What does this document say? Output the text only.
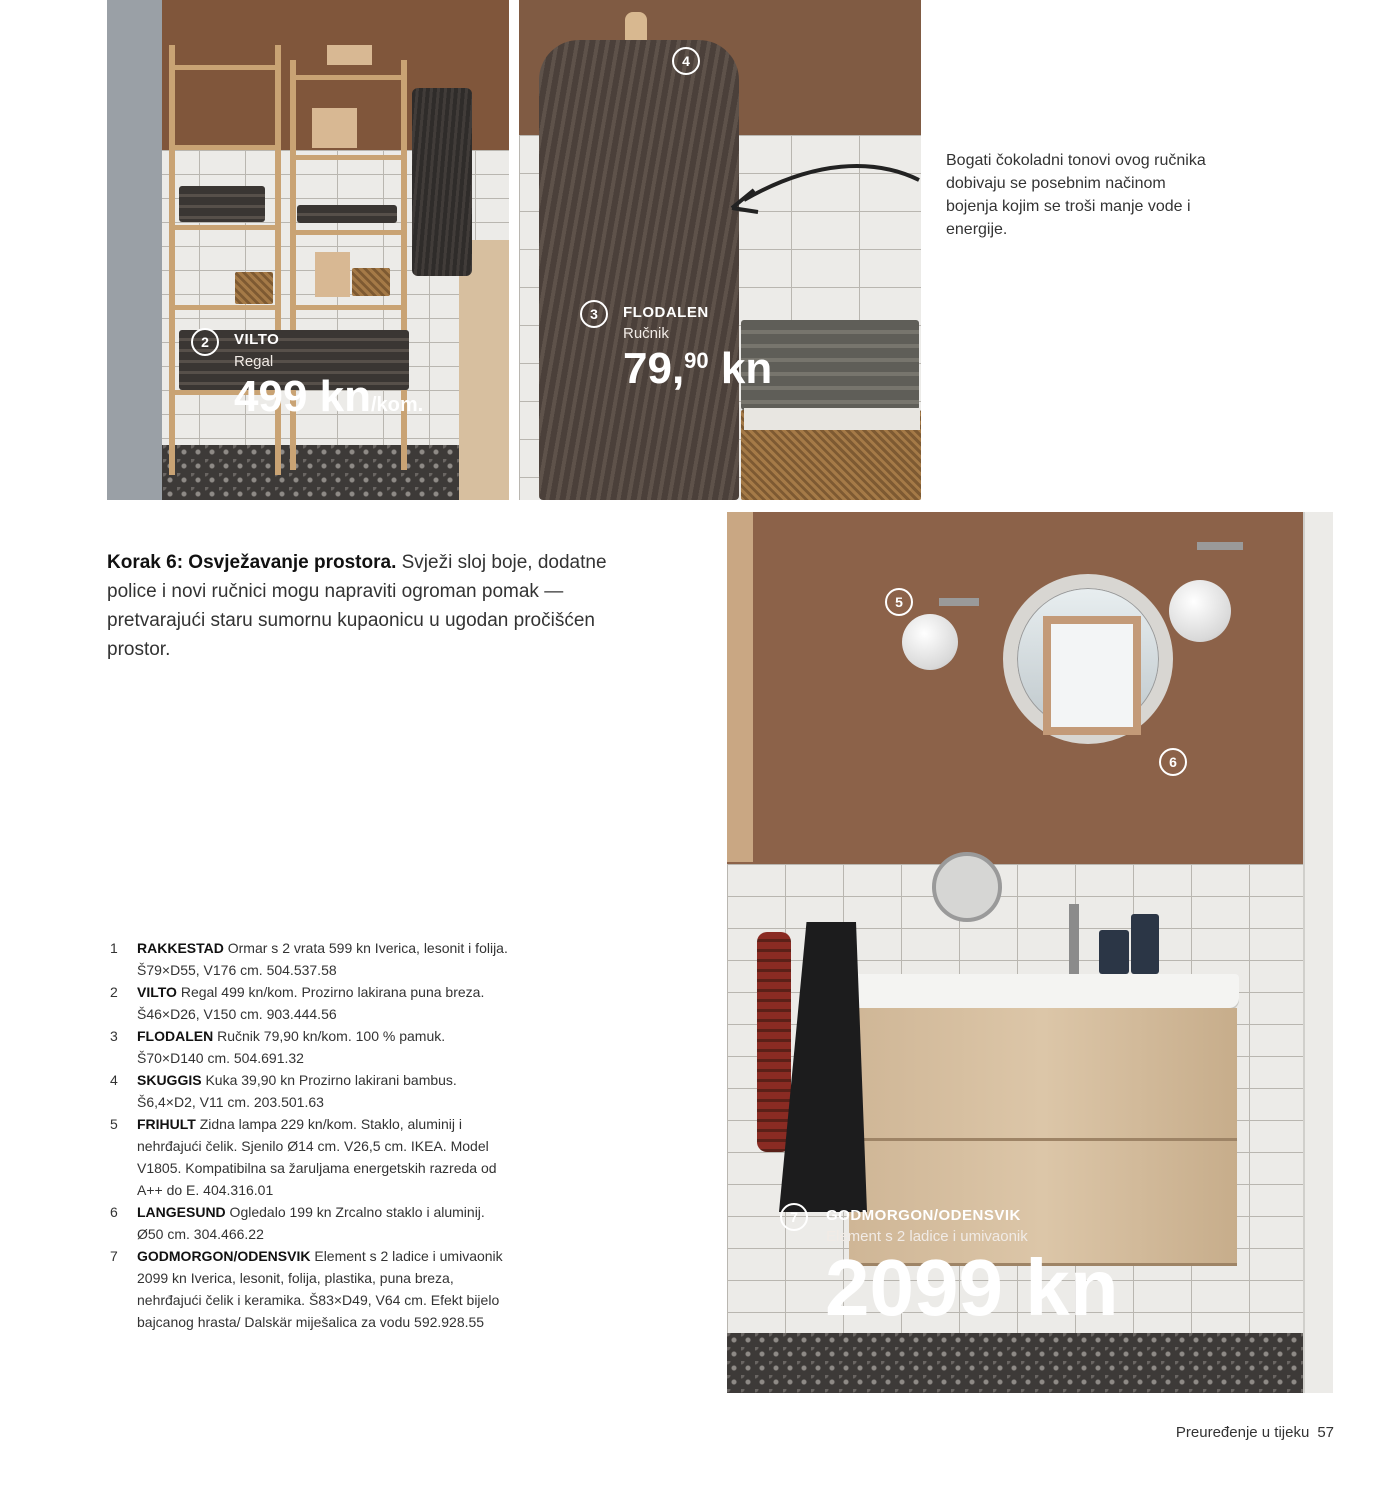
2	VILTO
Regal
499 kn/kom.
4
3	FLODALEN
Ručnik
79,90 kn
Bogati čokoladni tonovi ovog ručnika dobivaju se posebnim načinom bojenja kojim se troši manje vode i energije.
Korak 6: Osvježavanje prostora. Svježi sloj boje, dodatne police i novi ručnici mogu napraviti ogroman pomak — pretvarajući staru sumornu kupaonicu u ugodan pročišćen prostor.
5
6
7	GODMORGON/ODENSVIK
Element s 2 ladice i umivaonik
2099 kn
1 RAKKESTAD Ormar s 2 vrata 599 kn Iverica, lesonit i folija. Š79×D55, V176 cm. 504.537.58
2 VILTO Regal 499 kn/kom. Prozirno lakirana puna breza. Š46×D26, V150 cm. 903.444.56
3 FLODALEN Ručnik 79,90 kn/kom. 100 % pamuk. Š70×D140 cm. 504.691.32
4 SKUGGIS Kuka 39,90 kn Prozirno lakirani bambus. Š6,4×D2, V11 cm. 203.501.63
5 FRIHULT Zidna lampa 229 kn/kom. Staklo, aluminij i nehrđajući čelik. Sjenilo Ø14 cm. V26,5 cm. IKEA. Model V1805. Kompatibilna sa žaruljama energetskih razreda od A++ do E. 404.316.01
6 LANGESUND Ogledalo 199 kn Zrcalno staklo i aluminij. Ø50 cm. 304.466.22
7 GODMORGON/ODENSVIK Element s 2 ladice i umivaonik 2099 kn Iverica, lesonit, folija, plastika, puna breza, nehrđajući čelik i keramika. Š83×D49, V64 cm. Efekt bijelo bajcanog hrasta/ Dalskär miješalica za vodu 592.928.55
Preuređenje u tijeku 57
